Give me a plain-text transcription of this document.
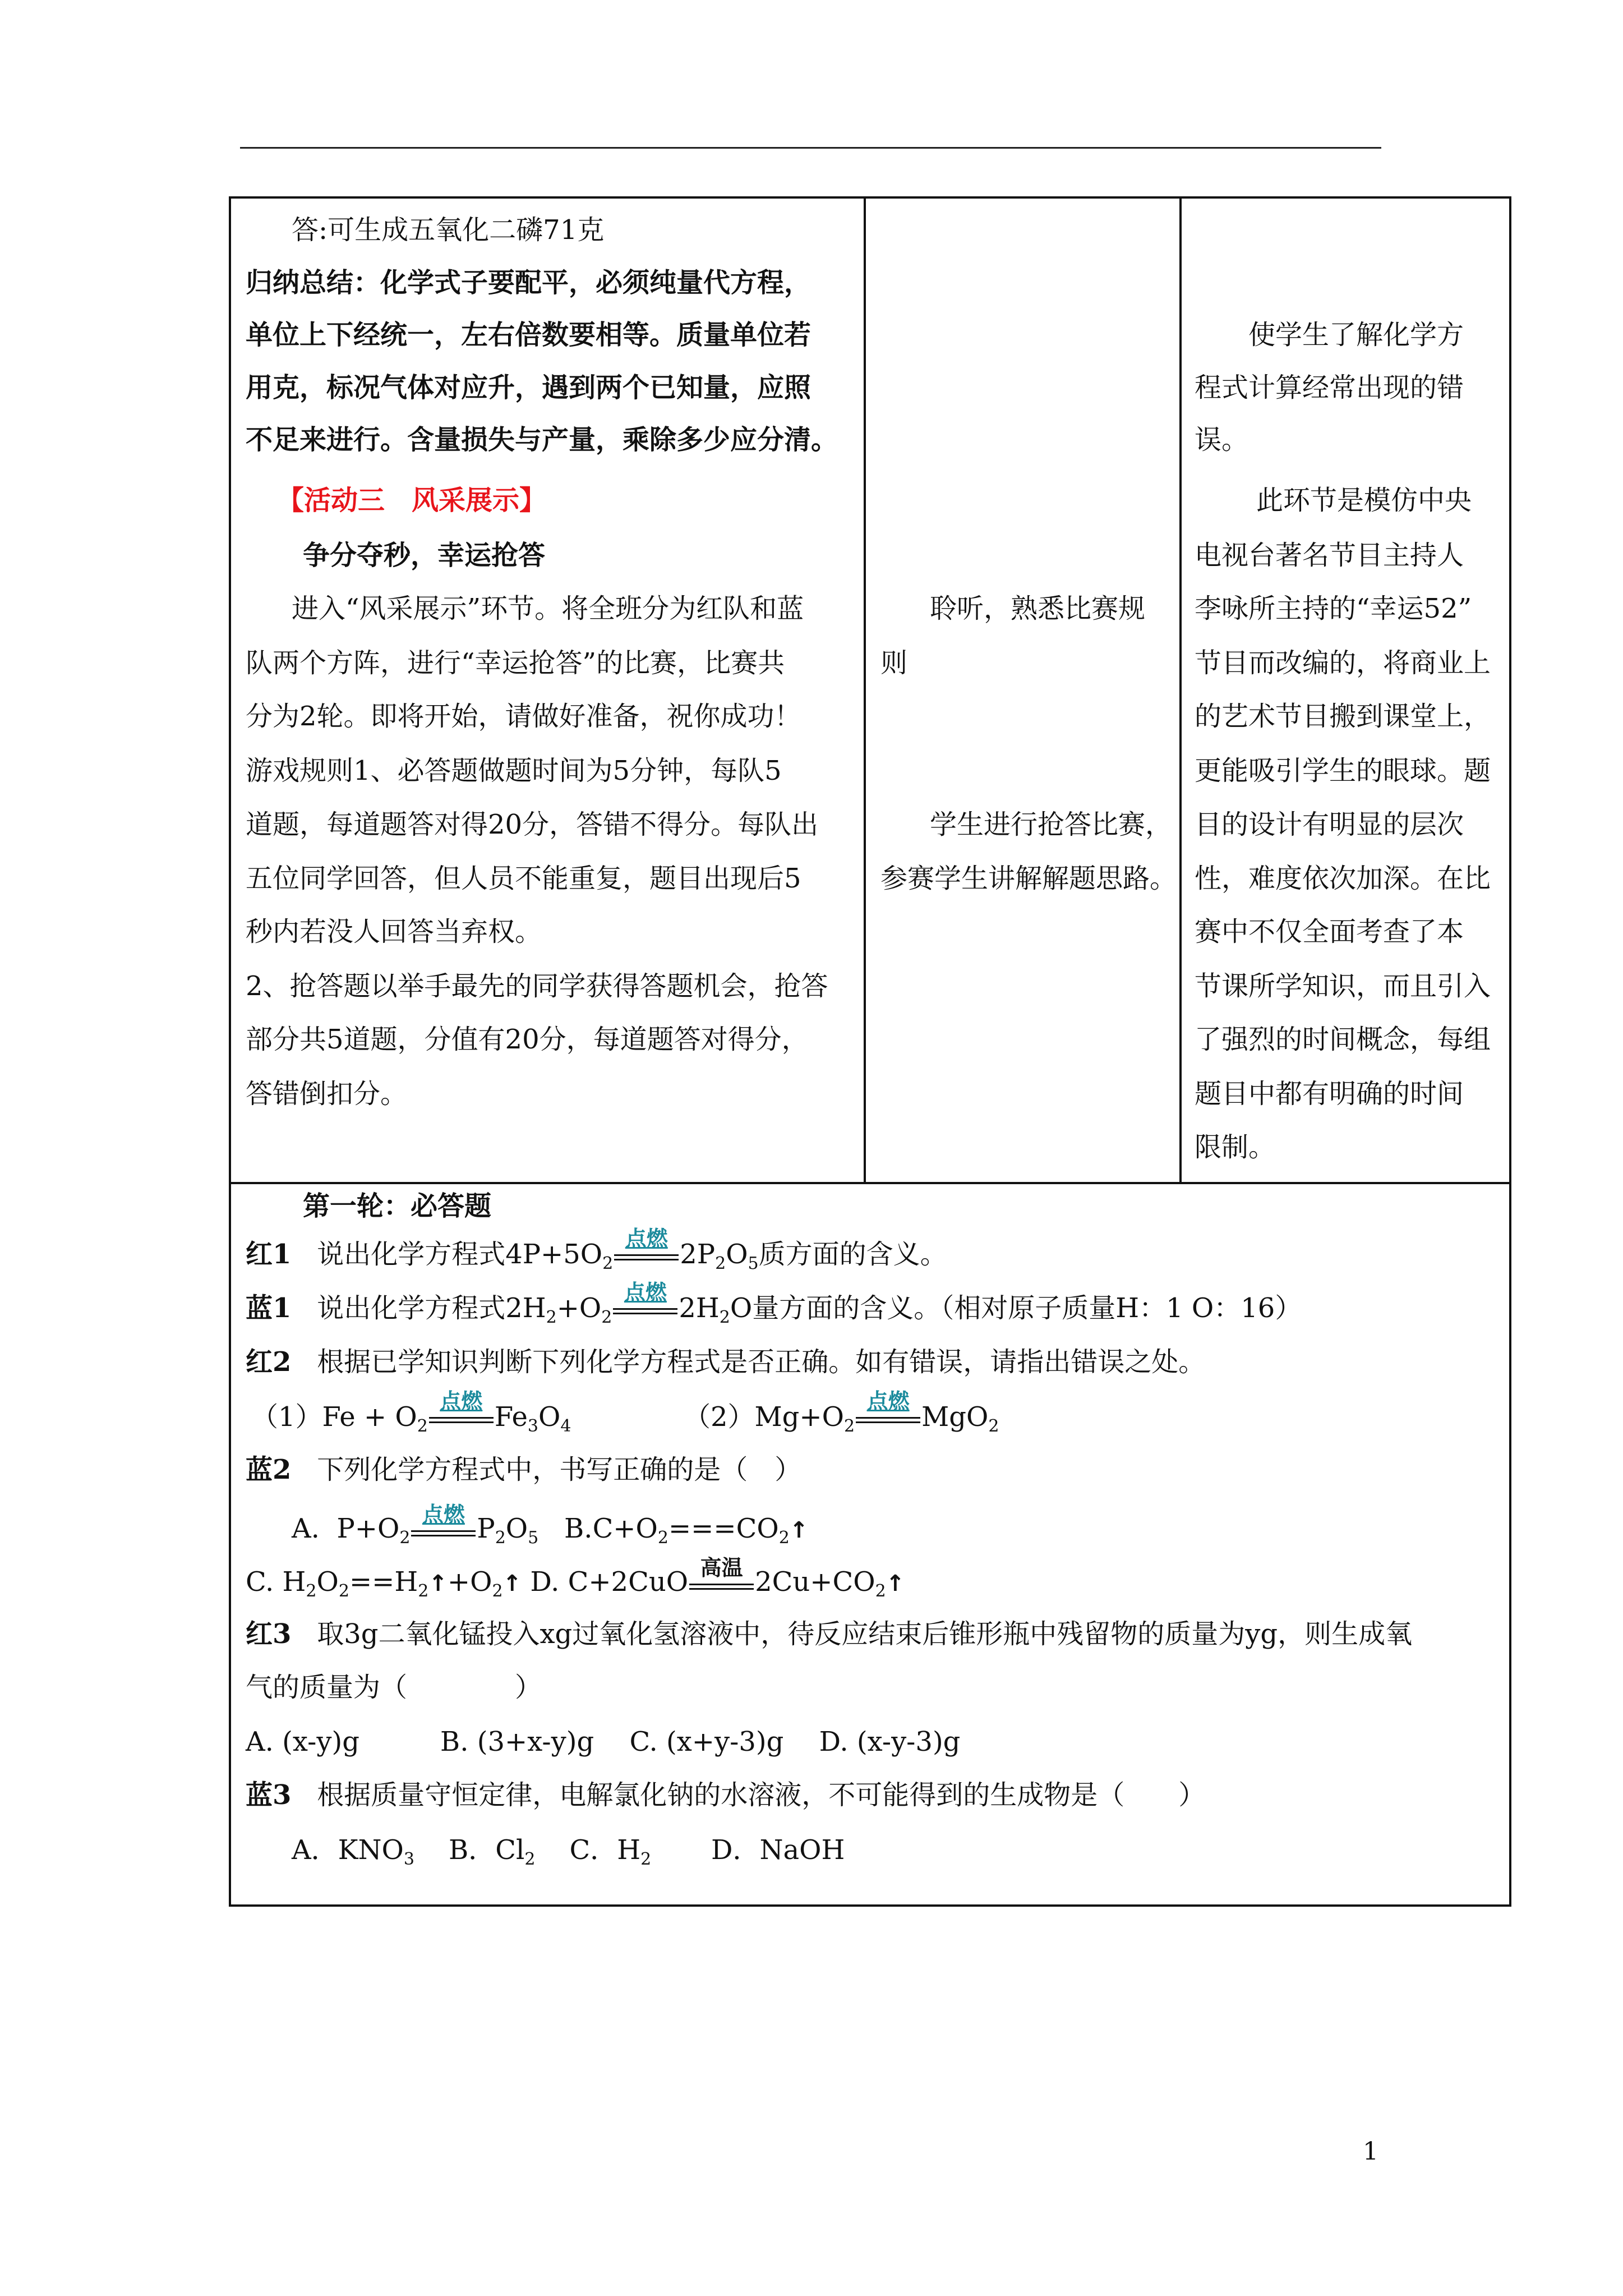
答:可生成五氧化二磷71克
归纳总结：化学式子要配平，必须纯量代方程，
单位上下经统一，左右倍数要相等。质量单位若
用克，标况气体对应升，遇到两个已知量，应照
不足来进行。含量损失与产量，乘除多少应分清。
【活动三　风采展示】
争分夺秒，幸运抢答
进入“风采展示”环节。将全班分为红队和蓝
队两个方阵，进行“幸运抢答”的比赛，比赛共
分为2轮。即将开始，请做好准备，祝你成功！
游戏规则1、必答题做题时间为5分钟，每队5
道题，每道题答对得20分，答错不得分。每队出
五位同学回答，但人员不能重复，题目出现后5
秒内若没人回答当弃权。
2、抢答题以举手最先的同学获得答题机会，抢答
部分共5道题，分值有20分，每道题答对得分，
答错倒扣分。
聆听，熟悉比赛规
则
学生进行抢答比赛，
参赛学生讲解解题思路。
使学生了解化学方
程式计算经常出现的错
误。
此环节是模仿中央
电视台著名节目主持人
李咏所主持的“幸运52”
节目而改编的，将商业上
的艺术节目搬到课堂上，
更能吸引学生的眼球。题
目的设计有明显的层次
性，难度依次加深。在比
赛中不仅全面考查了本
节课所学知识，而且引入
了强烈的时间概念，每组
题目中都有明确的时间
限制。
第一轮：必答题
红1 说出化学方程式$4P+5O_2$
点燃 $2P_2O_5$质方面的含义。
蓝1 说出化学方程式$2H_2+O_2$
点燃 $2H_2O$量方面的含义。（相对原子质量H：1 O：16）
红2 根据已学知识判断下列化学方程式是否正确。如有错误，请指出错误之处。
$(1)Fe + O_2$
点燃 $Fe_3O_4$	$(2)Mg+O_2$
点燃 MgO$_2$
蓝2 下列化学方程式中，书写正确的是（　）
A. $P+O_2$
点燃 $P_2O_5$ $B.C+O_2===CO_2↑$
C. $H_2O_2==H_2↑+O_2↑$ D. C+2CuO 高温 $2Cu+CO_2↑$
红3 取3g二氧化锰投入xg过氧化氢溶液中，待反应结束后锥形瓶中残留物的质量为yg，则生成氧
气的质量为（　　　　）
A. (x-y)g　　　B. (3+x-y)g　 C. (x+y-3)g　 D. (x-y-3)g
蓝3 根据质量守恒定律，电解氯化钠的水溶液，不可能得到的生成物是（　　）
A．$KNO_3$ B．$Cl_2$ C．$H_2$ D．NaOH
1
